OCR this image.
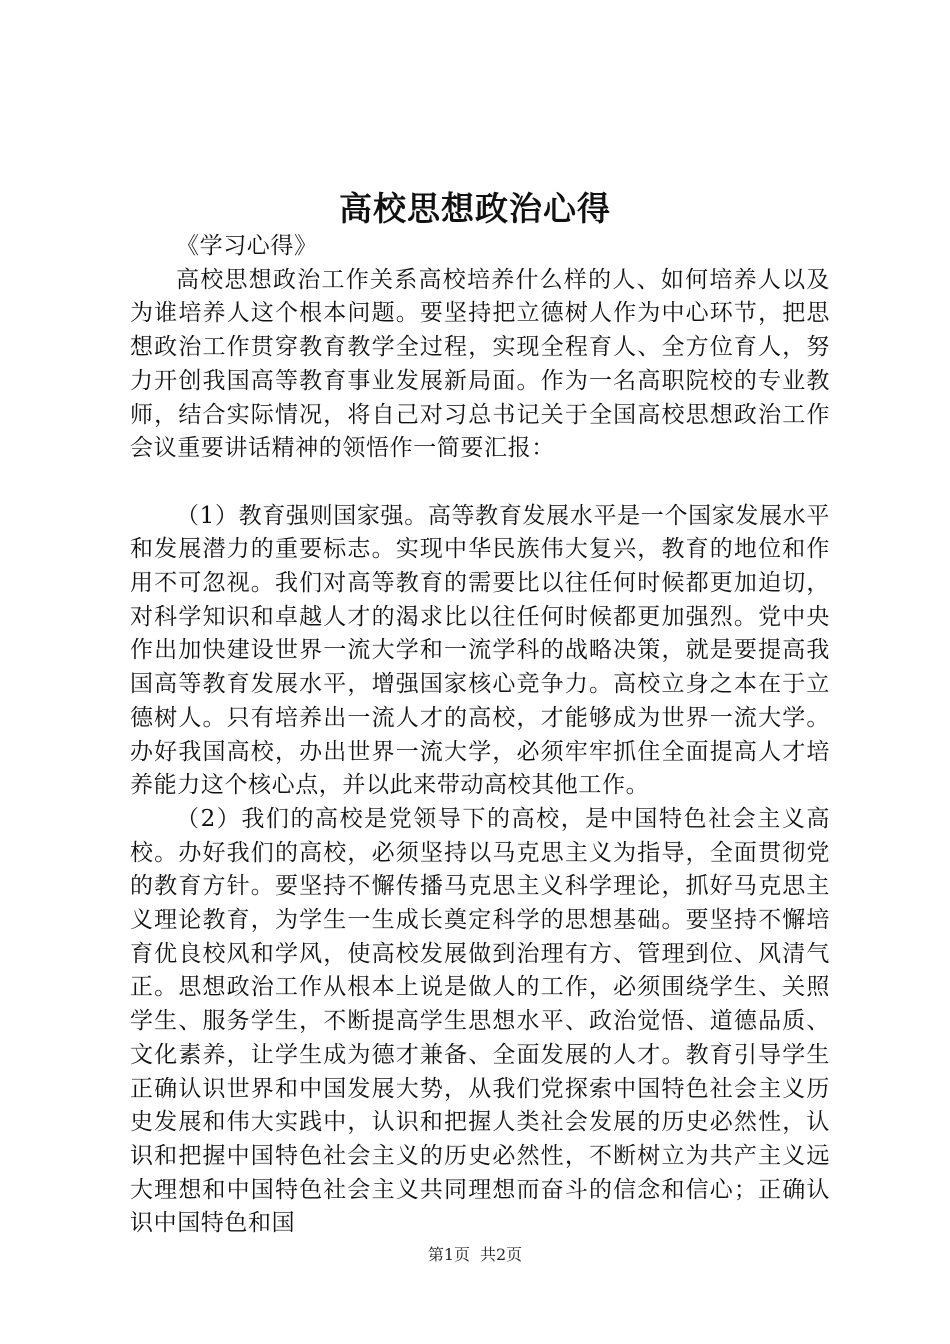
高校思想政治心得

《学习心得》

高校思想政治工作关系高校培养什么样的人、如何培养人以及为谁培养人这个根本问题。要坚持把立德树人作为中心环节，把思想政治工作贯穿教育教学全过程，实现全程育人、全方位育人，努力开创我国高等教育事业发展新局面。作为一名高职院校的专业教师，结合实际情况，将自己对习总书记关于全国高校思想政治工作会议重要讲话精神的领悟作一简要汇报：

（1）教育强则国家强。高等教育发展水平是一个国家发展水平和发展潜力的重要标志。实现中华民族伟大复兴，教育的地位和作用不可忽视。我们对高等教育的需要比以往任何时候都更加迫切，对科学知识和卓越人才的渴求比以往任何时候都更加强烈。党中央作出加快建设世界一流大学和一流学科的战略决策，就是要提高我国高等教育发展水平，增强国家核心竞争力。高校立身之本在于立德树人。只有培养出一流人才的高校，才能够成为世界一流大学。办好我国高校，办出世界一流大学，必须牢牢抓住全面提高人才培养能力这个核心点，并以此来带动高校其他工作。

（2）我们的高校是党领导下的高校，是中国特色社会主义高校。办好我们的高校，必须坚持以马克思主义为指导，全面贯彻党的教育方针。要坚持不懈传播马克思主义科学理论，抓好马克思主义理论教育，为学生一生成长奠定科学的思想基础。要坚持不懈培育优良校风和学风，使高校发展做到治理有方、管理到位、风清气正。思想政治工作从根本上说是做人的工作，必须围绕学生、关照学生、服务学生，不断提高学生思想水平、政治觉悟、道德品质、文化素养，让学生成为德才兼备、全面发展的人才。教育引导学生正确认识世界和中国发展大势，从我们党探索中国特色社会主义历史发展和伟大实践中，认识和把握人类社会发展的历史必然性，认识和把握中国特色社会主义的历史必然性，不断树立为共产主义远大理想和中国特色社会主义共同理想而奋斗的信念和信心；正确认识中国特色和国

第1页 共2页
